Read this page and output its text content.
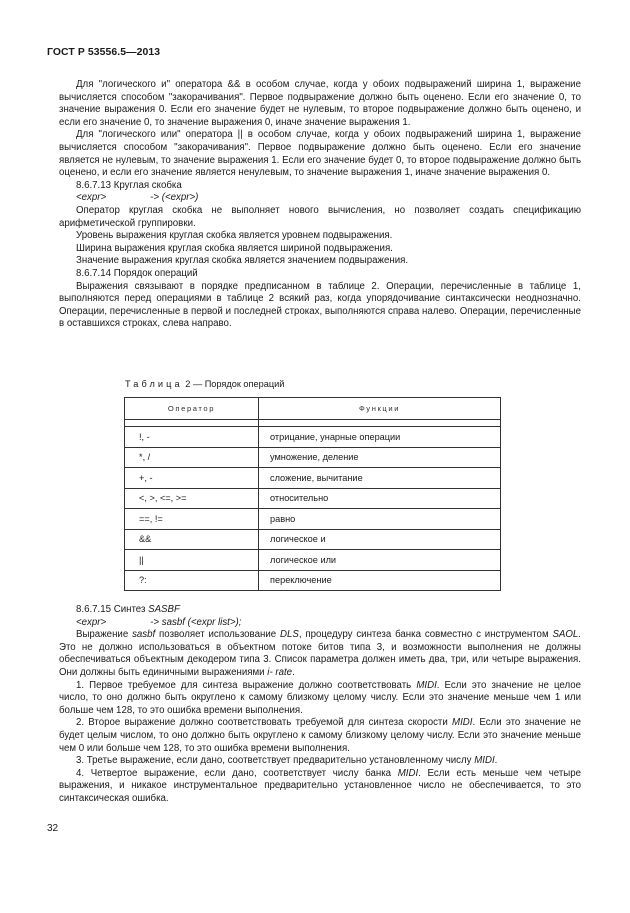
ГОСТ Р 53556.5—2013

Для "логического и" оператора && в особом случае, когда у обоих подвыражений ширина 1, выражение вычисляется способом "закорачивания". Первое подвыражение должно быть оценено. Если его значение 0, то значение выражения 0. Если его значение будет не нулевым, то второе подвыражение должно быть оценено, и если его значение 0, то значение выражения 0, иначе значение выражения 1.

Для "логического или" оператора || в особом случае, когда у обоих подвыражений ширина 1, выражение вычисляется способом "закорачивания". Первое подвыражение должно быть оценено. Если его значение является не нулевым, то значение выражения 1. Если его значение будет 0, то второе подвыражение должно быть оценено, и если его значение является ненулевым, то значение выражения 1, иначе значение выражения 0.

8.6.7.13 Круглая скобка

<expr>	-> (<expr>)

Оператор круглая скобка не выполняет нового вычисления, но позволяет создать спецификацию арифметической группировки.

Уровень выражения круглая скобка является уровнем подвыражения.

Ширина выражения круглая скобка является шириной подвыражения.

Значение выражения круглая скобка является значением подвыражения.

8.6.7.14 Порядок операций

Выражения связывают в порядке предписанном в таблице 2. Операции, перечисленные в таблице 1, выполняются перед операциями в таблице 2 всякий раз, когда упорядочивание синтаксически неоднозначно. Операции, перечисленные в первой и последней строках, выполняются справа налево. Операции, перечисленные в оставшихся строках, слева направо.

Таблица 2 — Порядок операций
Оператор	Функции

!, -	отрицание, унарные операции
*, /	умножение, деление
+, -	сложение, вычитание
<, >, <=, >=	относительно
==, !=	равно
&&	логическое и
||	логическое или
?:	переключение

8.6.7.15 Синтез SASBF

<expr>	-> sasbf (<expr list>);

Выражение sasbf позволяет использование DLS, процедуру синтеза банка совместно с инструментом SAOL. Это не должно использоваться в объектном потоке битов типа 3, и возможности выполнения не должны обеспечиваться объектным декодером типа 3. Список параметра должен иметь два, три, или четыре выражения. Они должны быть единичными выражениями i- rate.

1. Первое требуемое для синтеза выражение должно соответствовать MIDI. Если это значение не целое число, то оно должно быть округлено к самому близкому целому числу. Если это значение меньше чем 1 или больше чем 128, то это ошибка времени выполнения.

2. Второе выражение должно соответствовать требуемой для синтеза скорости MIDI. Если это значение не будет целым числом, то оно должно быть округлено к самому близкому целому числу. Если это значение меньше чем 0 или больше чем 128, то это ошибка времени выполнения.

3. Третье выражение, если дано, соответствует предварительно установленному числу MIDI.

4. Четвертое выражение, если дано, соответствует числу банка MIDI. Если есть меньше чем четыре выражения, и никакое инструментальное предварительно установленное число не обеспечивается, то это синтаксическая ошибка.

32
